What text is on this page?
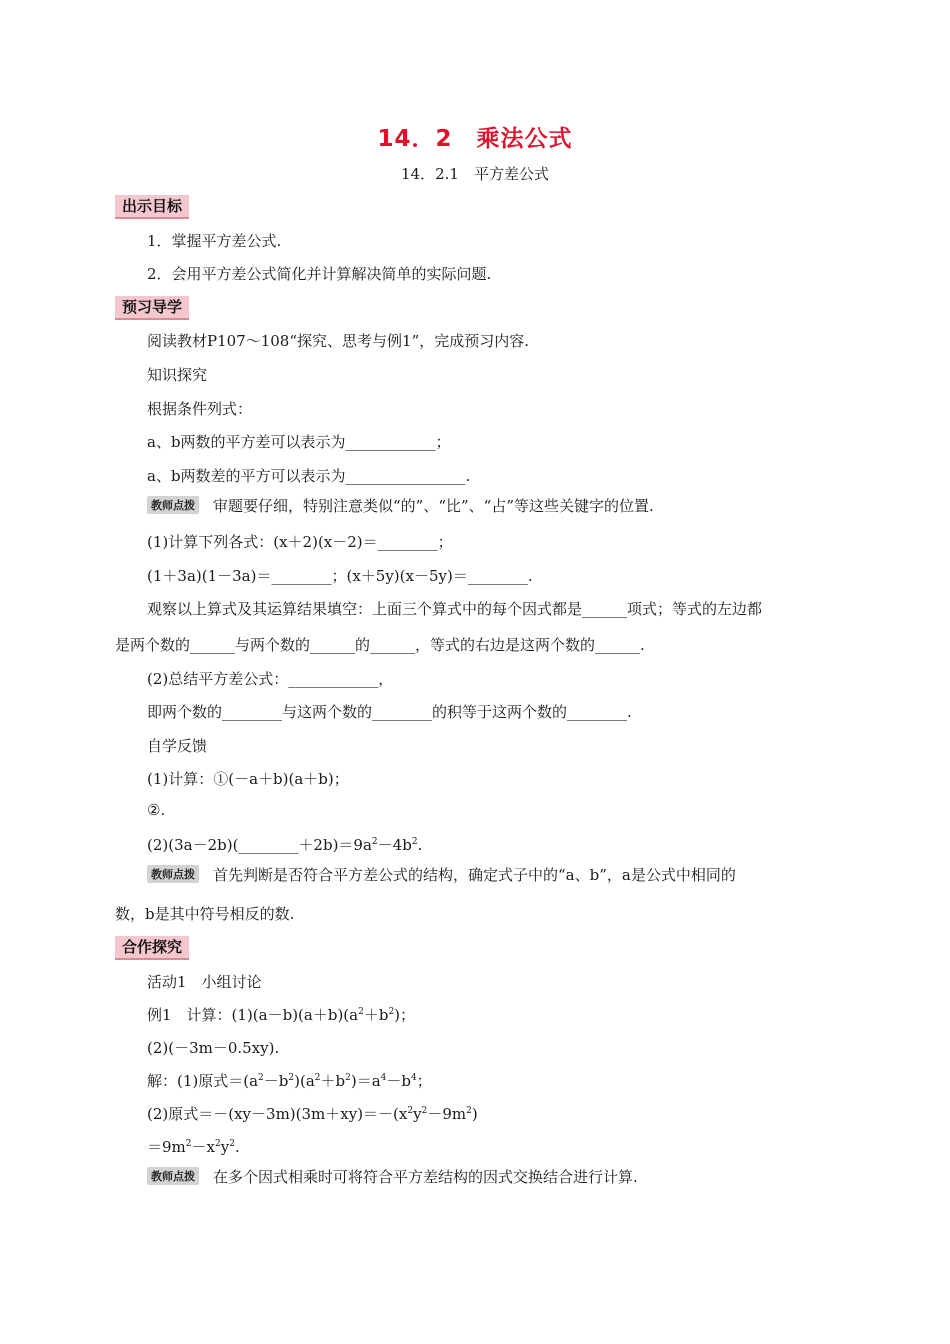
14．2　乘法公式
14．2.1　平方差公式
出示目标
1．掌握平方差公式.
2．会用平方差公式简化并计算解决简单的实际问题.
预习导学
阅读教材P107～108“探究、思考与例1”，完成预习内容.
知识探究
根据条件列式：
a、b两数的平方差可以表示为____________；
a、b两数差的平方可以表示为________________.
教师点拨 审题要仔细，特别注意类似“的”、“比”、“占”等这些关键字的位置.
(1)计算下列各式：(x＋2)(x－2)＝________；
(1＋3a)(1－3a)＝________；(x＋5y)(x－5y)＝________.
观察以上算式及其运算结果填空：上面三个算式中的每个因式都是______项式；等式的左边都
是两个数的______与两个数的______的______，等式的右边是这两个数的______.
(2)总结平方差公式：____________，
即两个数的________与这两个数的________的积等于这两个数的________.
自学反馈
(1)计算：①(－a＋b)(a＋b)；
②.
$(2)(3a-2b)(\_\_\_\_\_\_\_\_+2b)=9a^2-4b^2$.
教师点拨 首先判断是否符合平方差公式的结构，确定式子中的“a、b”，a是公式中相同的
数，b是其中符号相反的数.
合作探究
活动1　小组讨论
例1　计算：$(1)(a-b)(a+b)(a^2+b^2)$；
(2)(－3m－0.5xy).
解：(1)原式$=(a^2-b^2)(a^2+b^2)=a^4-b^4$；
(2)原式$=-(xy-3m)(3m+xy)=-(x^2y^2-9m^2)$
$=9m^2-x^2y^2$.
教师点拨 在多个因式相乘时可将符合平方差结构的因式交换结合进行计算.
